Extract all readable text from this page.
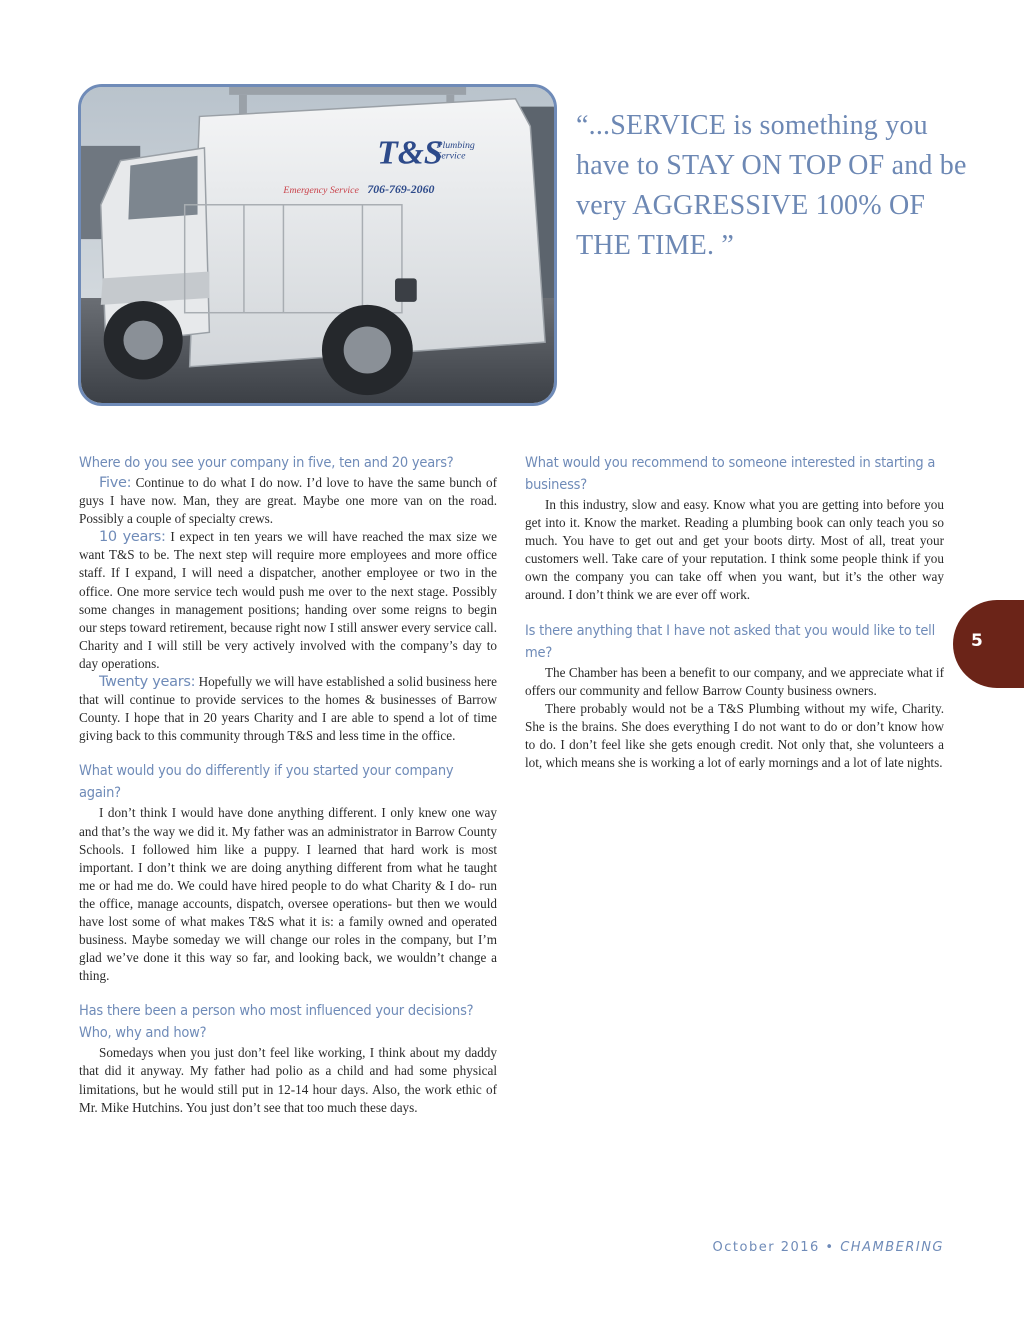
T&S
Plumbing
Service
Emergency Service 706-769-2060
“...SERVICE is something you have to STAY ON TOP OF and be very AGGRESSIVE 100% OF THE TIME. ”
Where do you see your company in five, ten and 20 years?

Five: Continue to do what I do now. I’d love to have the same bunch of guys I have now. Man, they are great. Maybe one more van on the road. Possibly a couple of specialty crews.

10 years: I expect in ten years we will have reached the max size we want T&S to be. The next step will require more employees and more office staff. If I expand, I will need a dispatcher, another employee or two in the office. One more service tech would push me over to the next stage. Possibly some changes in management positions; handing over some reigns to begin our steps toward retirement, because right now I still answer every service call. Charity and I will still be very actively involved with the company’s day to day operations.

Twenty years: Hopefully we will have established a solid business here that will continue to provide services to the homes & businesses of Barrow County. I hope that in 20 years Charity and I are able to spend a lot of time giving back to this community through T&S and less time in the office.

What would you do differently if you started your company again?

I don’t think I would have done anything different. I only knew one way and that’s the way we did it. My father was an administrator in Barrow County Schools. I followed him like a puppy. I learned that hard work is most important. I don’t think we are doing anything different from what he taught me or had me do. We could have hired people to do what Charity & I do- run the office, manage accounts, dispatch, oversee operations- but then we would have lost some of what makes T&S what it is: a family owned and operated business. Maybe someday we will change our roles in the company, but I’m glad we’ve done it this way so far, and looking back, we wouldn’t change a thing.

Has there been a person who most influenced your decisions? Who, why and how?

Somedays when you just don’t feel like working, I think about my daddy that did it anyway. My father had polio as a child and had some physical limitations, but he would still put in 12-14 hour days. Also, the work ethic of Mr. Mike Hutchins. You just don’t see that too much these days.

What would you recommend to someone interested in starting a business?

In this industry, slow and easy. Know what you are getting into before you get into it. Know the market. Reading a plumbing book can only teach you so much. You have to get out and get your boots dirty. Most of all, treat your customers well. Take care of your reputation. I think some people think if you own the company you can take off when you want, but it’s the other way around. I don’t think we are ever off work.

Is there anything that I have not asked that you would like to tell me?

The Chamber has been a benefit to our company, and we appreciate what if offers our community and fellow Barrow County business owners.

There probably would not be a T&S Plumbing without my wife, Charity. She is the brains. She does everything I do not want to do or don’t know how to do. I don’t feel like she gets enough credit. Not only that, she volunteers a lot, which means she is working a lot of early mornings and a lot of late nights.

5
October 2016 • CHAMBERING
